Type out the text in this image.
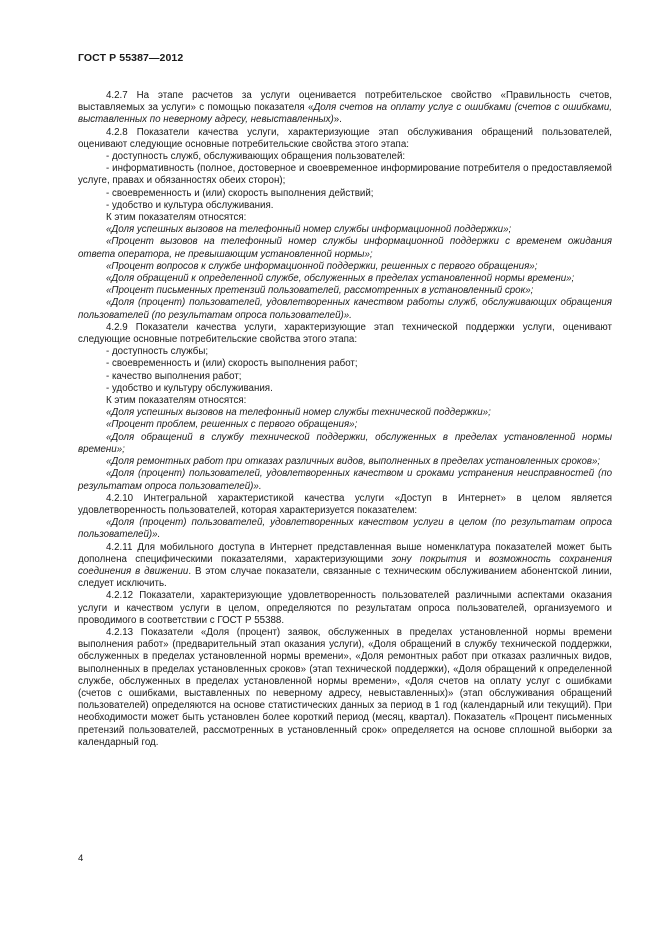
ГОСТ Р 55387—2012

4.2.7 На этапе расчетов за услуги оценивается потребительское свойство «Правильность счетов, выставляемых за услуги» с помощью показателя «Доля счетов на оплату услуг с ошибками (счетов с ошибками, выставленных по неверному адресу, невыставленных)».

4.2.8 Показатели качества услуги, характеризующие этап обслуживания обращений пользователей, оценивают следующие основные потребительские свойства этого этапа:

- доступность служб, обслуживающих обращения пользователей:

- информативность (полное, достоверное и своевременное информирование потребителя о предоставляемой услуге, правах и обязанностях обеих сторон);

- своевременность и (или) скорость выполнения действий;

- удобство и культура обслуживания.

К этим показателям относятся:

«Доля успешных вызовов на телефонный номер службы информационной поддержки»;

«Процент вызовов на телефонный номер службы информационной поддержки с временем ожидания ответа оператора, не превышающим установленной нормы»;

«Процент вопросов к службе информационной поддержки, решенных с первого обращения»;

«Доля обращений к определенной службе, обслуженных в пределах установленной нормы времени»;

«Процент письменных претензий пользователей, рассмотренных в установленный срок»;

«Доля (процент) пользователей, удовлетворенных качеством работы служб, обслуживающих обращения пользователей (по результатам опроса пользователей)».

4.2.9 Показатели качества услуги, характеризующие этап технической поддержки услуги, оценивают следующие основные потребительские свойства этого этапа:

- доступность службы;

- своевременность и (или) скорость выполнения работ;

- качество выполнения работ;

- удобство и культуру обслуживания.

К этим показателям относятся:

«Доля успешных вызовов на телефонный номер службы технической поддержки»;

«Процент проблем, решенных с первого обращения»;

«Доля обращений в службу технической поддержки, обслуженных в пределах установленной нормы времени»;

«Доля ремонтных работ при отказах различных видов, выполненных в пределах установленных сроков»;

«Доля (процент) пользователей, удовлетворенных качеством и сроками устранения неисправностей (по результатам опроса пользователей)».

4.2.10 Интегральной характеристикой качества услуги «Доступ в Интернет» в целом является удовлетворенность пользователей, которая характеризуется показателем:

«Доля (процент) пользователей, удовлетворенных качеством услуги в целом (по результатам опроса пользователей)».

4.2.11 Для мобильного доступа в Интернет представленная выше номенклатура показателей может быть дополнена специфическими показателями, характеризующими зону покрытия и возможность сохранения соединения в движении. В этом случае показатели, связанные с техническим обслуживанием абонентской линии, следует исключить.

4.2.12 Показатели, характеризующие удовлетворенность пользователей различными аспектами оказания услуги и качеством услуги в целом, определяются по результатам опроса пользователей, организуемого и проводимого в соответствии с ГОСТ Р 55388.

4.2.13 Показатели «Доля (процент) заявок, обслуженных в пределах установленной нормы времени выполнения работ» (предварительный этап оказания услуги), «Доля обращений в службу технической поддержки, обслуженных в пределах установленной нормы времени», «Доля ремонтных работ при отказах различных видов, выполненных в пределах установленных сроков» (этап технической поддержки), «Доля обращений к определенной службе, обслуженных в пределах установленной нормы времени», «Доля счетов на оплату услуг с ошибками (счетов с ошибками, выставленных по неверному адресу, невыставленных)» (этап обслуживания обращений пользователей) определяются на основе статистических данных за период в 1 год (календарный или текущий). При необходимости может быть установлен более короткий период (месяц, квартал). Показатель «Процент письменных претензий пользователей, рассмотренных в установленный срок» определяется на основе сплошной выборки за календарный год.

4
